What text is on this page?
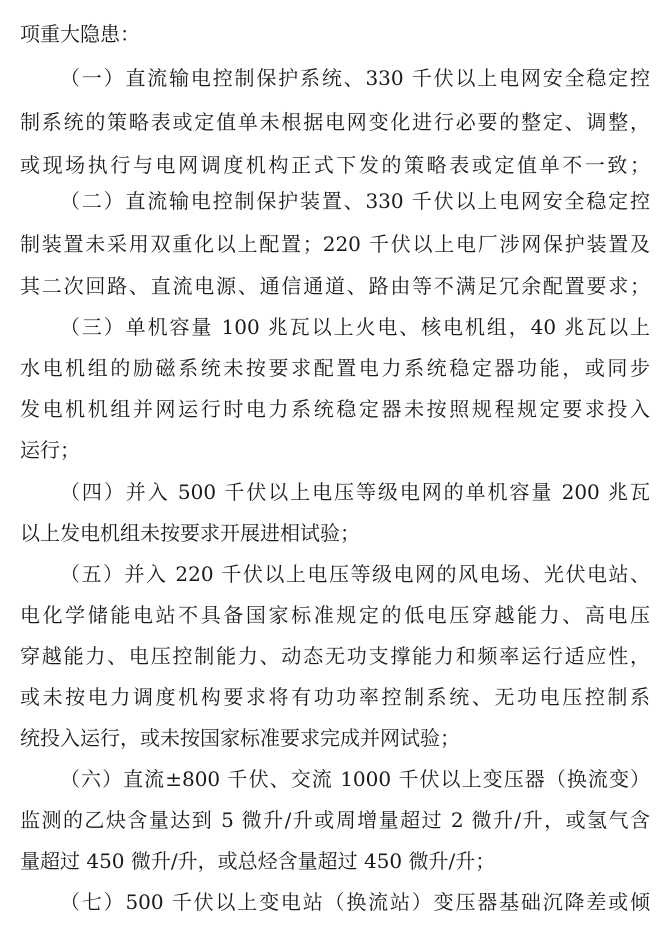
项重大隐患：

（一）直流输电控制保护系统、330 千伏以上电网安全稳定控

制系统的策略表或定值单未根据电网变化进行必要的整定、调整，

或现场执行与电网调度机构正式下发的策略表或定值单不一致；

（二）直流输电控制保护装置、330 千伏以上电网安全稳定控

制装置未采用双重化以上配置；220 千伏以上电厂涉网保护装置及

其二次回路、直流电源、通信通道、路由等不满足冗余配置要求；

（三）单机容量 100 兆瓦以上火电、核电机组，40 兆瓦以上

水电机组的励磁系统未按要求配置电力系统稳定器功能，或同步

发电机机组并网运行时电力系统稳定器未按照规程规定要求投入

运行；

（四）并入 500 千伏以上电压等级电网的单机容量 200 兆瓦

以上发电机组未按要求开展进相试验；

（五）并入 220 千伏以上电压等级电网的风电场、光伏电站、

电化学储能电站不具备国家标准规定的低电压穿越能力、高电压

穿越能力、电压控制能力、动态无功支撑能力和频率运行适应性，

或未按电力调度机构要求将有功功率控制系统、无功电压控制系

统投入运行，或未按国家标准要求完成并网试验；

（六）直流±800 千伏、交流 1000 千伏以上变压器（换流变）

监测的乙炔含量达到 5 微升/升或周增量超过 2 微升/升，或氢气含

量超过 450 微升/升，或总烃含量超过 450 微升/升；

（七）500 千伏以上变电站（换流站）变压器基础沉降差或倾
